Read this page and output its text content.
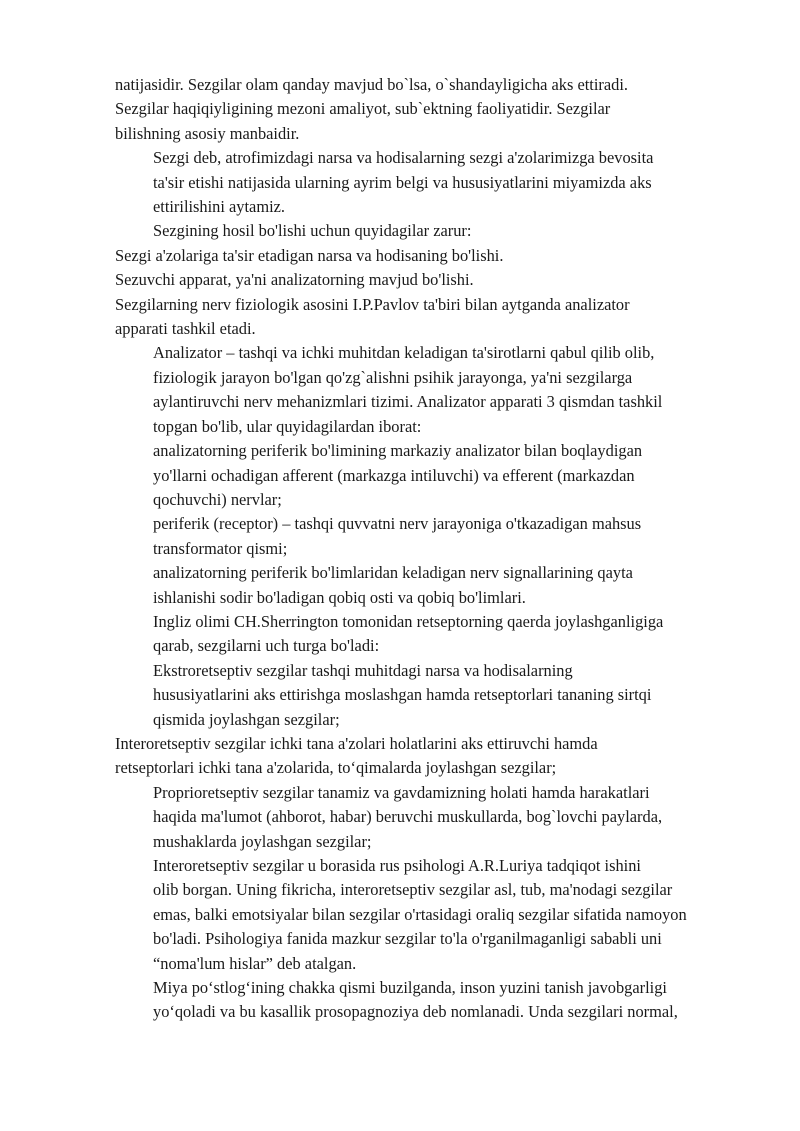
natijasidir. Sezgilar olam qanday mavjud bo`lsa, o`shandayligicha aks ettiradi.
Sezgilar haqiqiyligining mezoni amaliyot, sub`ektning faoliyatidir. Sezgilar
bilishning asosiy manbaidir.
Sezgi deb, atrofimizdagi narsa va hodisalarning sezgi a'zolarimizga bevosita
ta'sir etishi natijasida ularning ayrim belgi va hususiyatlarini miyamizda aks
ettirilishini aytamiz.
Sezgining hosil bo'lishi uchun quyidagilar zarur:
Sezgi a'zolariga ta'sir etadigan narsa va hodisaning bo'lishi.
Sezuvchi apparat, ya'ni analizatorning mavjud bo'lishi.
Sezgilarning nerv fiziologik asosini I.P.Pavlov ta'biri bilan aytganda analizator
apparati tashkil etadi.
Analizator – tashqi va ichki muhitdan keladigan ta'sirotlarni qabul qilib olib,
fiziologik jarayon bo'lgan qo'zg`alishni psihik jarayonga, ya'ni sezgilarga
aylantiruvchi nerv mehanizmlari tizimi. Analizator apparati 3 qismdan tashkil
topgan bo'lib, ular quyidagilardan iborat:
analizatorning periferik bo'limining markaziy analizator bilan boqlaydigan
yo'llarni ochadigan afferent (markazga intiluvchi) va efferent (markazdan
qochuvchi) nervlar;
periferik (receptor) – tashqi quvvatni nerv jarayoniga o'tkazadigan mahsus
transformator qismi;
analizatorning periferik bo'limlaridan keladigan nerv signallarining qayta
ishlanishi sodir bo'ladigan qobiq osti va qobiq bo'limlari.
Ingliz olimi CH.Sherrington tomonidan retseptorning qaerda joylashganligiga
qarab, sezgilarni uch turga bo'ladi:
Ekstroretseptiv sezgilar tashqi muhitdagi narsa va hodisalarning
hususiyatlarini aks ettirishga moslashgan hamda retseptorlari tananing sirtqi
qismida joylashgan sezgilar;
Interoretseptiv sezgilar ichki tana a'zolari holatlarini aks ettiruvchi hamda
retseptorlari ichki tana a'zolarida, to‘qimalarda joylashgan sezgilar;
Proprioretseptiv sezgilar tanamiz va gavdamizning holati hamda harakatlari
haqida ma'lumot (ahborot, habar) beruvchi muskullarda, bog`lovchi paylarda,
mushaklarda joylashgan sezgilar;
Interoretseptiv sezgilar u borasida rus psihologi A.R.Luriya tadqiqot ishini
olib borgan. Uning fikricha, interoretseptiv sezgilar asl, tub, ma'nodagi sezgilar
emas, balki emotsiyalar bilan sezgilar o'rtasidagi oraliq sezgilar sifatida namoyon
bo'ladi. Psihologiya fanida mazkur sezgilar to'la o'rganilmaganligi sababli uni
“noma'lum hislar” deb atalgan.
Miya po‘stlog‘ining chakka qismi buzilganda, inson yuzini tanish javobgarligi
yo‘qoladi va bu kasallik prosopagnoziya deb nomlanadi. Unda sezgilari normal,
